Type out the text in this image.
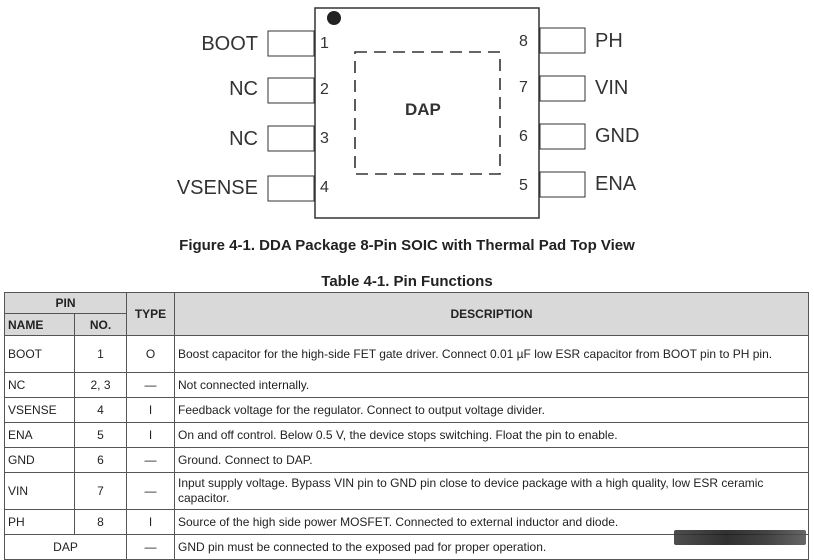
BOOT
NC
NC
VSENSE
1
2
3
4
8
7
6
5
PH
VIN
GND
ENA
DAP
Figure 4-1. DDA Package 8-Pin SOIC with Thermal Pad Top View
Table 4-1. Pin Functions
PIN		TYPE	DESCRIPTION
NAME	NO.		
BOOT	1	O	Boost capacitor for the high-side FET gate driver. Connect 0.01 µF low ESR capacitor from BOOT pin to PH pin.
NC	2, 3	—	Not connected internally.
VSENSE	4	I	Feedback voltage for the regulator. Connect to output voltage divider.
ENA	5	I	On and off control. Below 0.5 V, the device stops switching. Float the pin to enable.
GND	6	—	Ground. Connect to DAP.
VIN	7	—	Input supply voltage. Bypass VIN pin to GND pin close to device package with a high quality, low ESR ceramic capacitor.
PH	8	I	Source of the high side power MOSFET. Connected to external inductor and diode.
DAP		—	GND pin must be connected to the exposed pad for proper operation.
